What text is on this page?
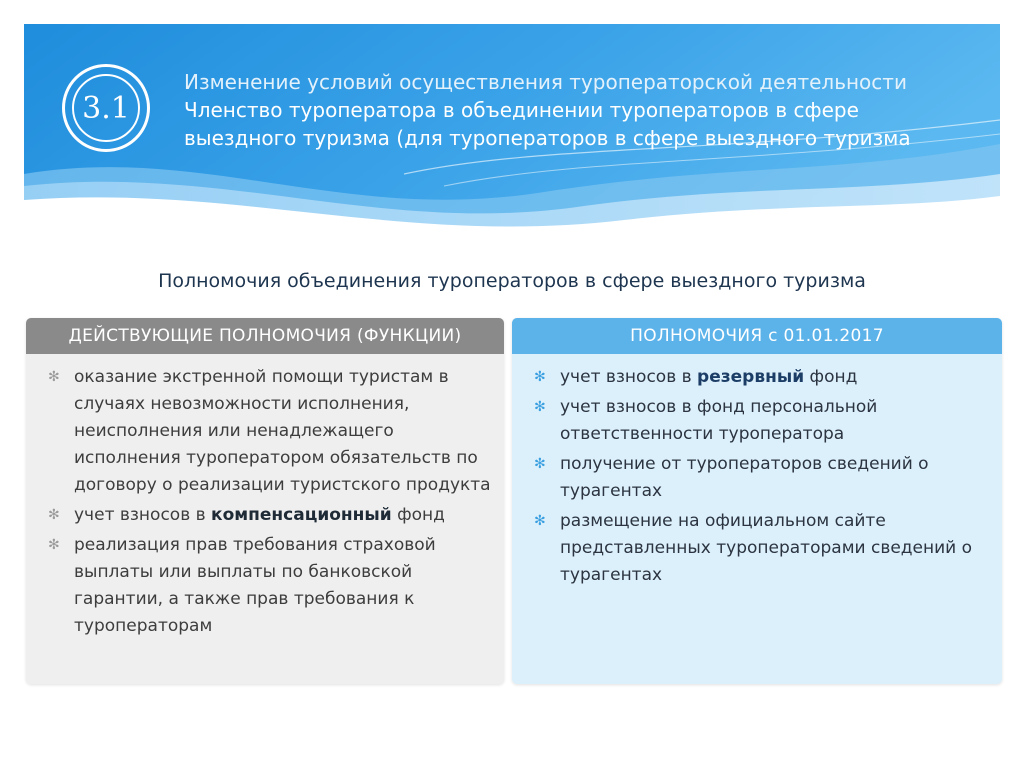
3.1
Изменение условий осуществления туроператорской деятельности
Членство туроператора в объединении туроператоров в сфере
выездного туризма (для туроператоров в сфере выездного туризма
Полномочия объединения туроператоров в сфере выездного туризма
ДЕЙСТВУЮЩИЕ ПОЛНОМОЧИЯ (ФУНКЦИИ)
✻ оказание экстренной помощи туристам в случаях невозможности исполнения, неисполнения или ненадлежащего исполнения туроператором обязательств по договору о реализации туристского продукта
✻ учет взносов в компенсационный фонд
✻ реализация прав требования страховой выплаты или выплаты по банковской гарантии, а также прав требования к туроператорам
ПОЛНОМОЧИЯ с 01.01.2017
✻ учет взносов в резервный фонд
✻ учет взносов в фонд персональной ответственности туроператора
✻ получение от туроператоров сведений о турагентах
✻ размещение на официальном сайте представленных туроператорами сведений о турагентах
